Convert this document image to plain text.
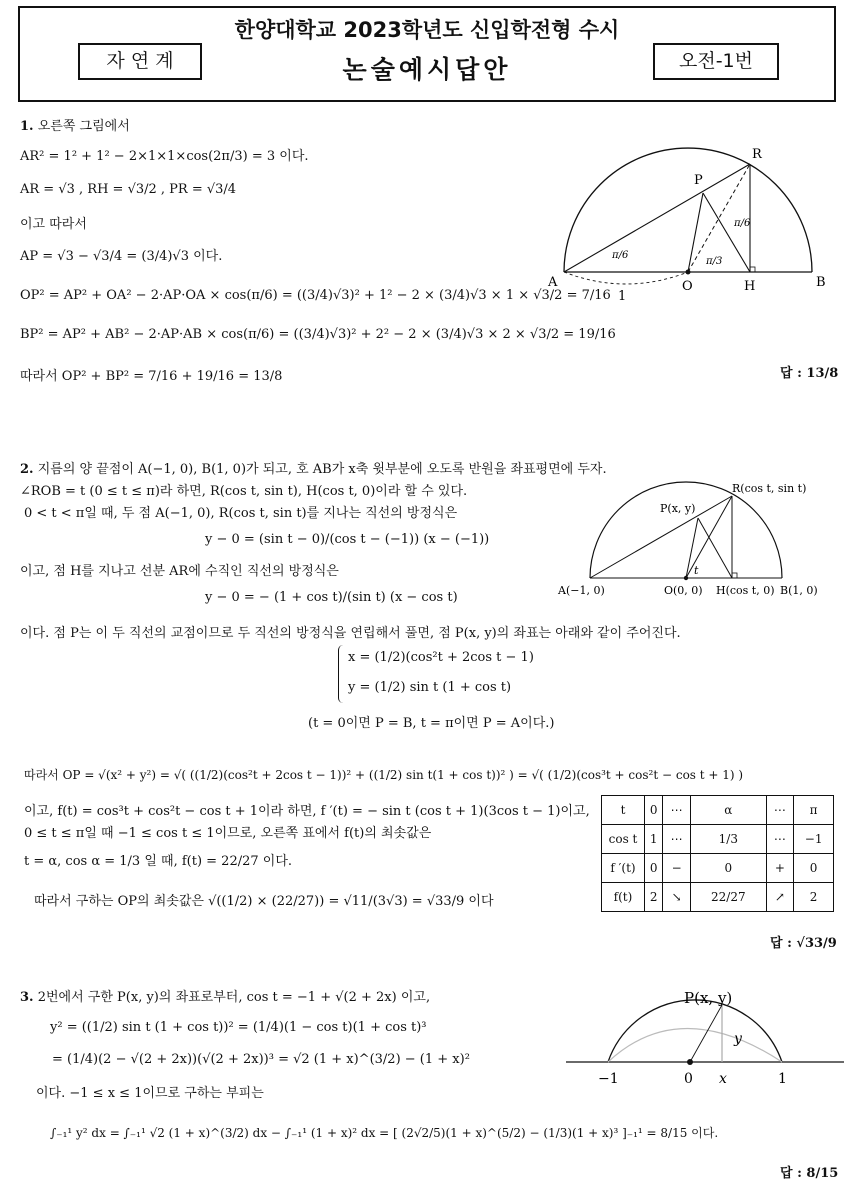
한양대학교 2023학년도 신입학전형 수시
자 연 계	논술예시답안	오전-1번
1. 오른쪽 그림에서
AR² = 1² + 1² − 2×1×1×cos(2π/3) = 3 이다.
AR = √3 , RH = √3/2 , PR = √3/4
이고 따라서
AP = √3 − √3/4 = (3/4)√3 이다.
OP² = AP² + OA² − 2·AP·OA × cos(π/6) = ((3/4)√3)² + 1² − 2 × (3/4)√3 × 1 × √3/2 = 7/16
BP² = AP² + AB² − 2·AP·AB × cos(π/6) = ((3/4)√3)² + 2² − 2 × (3/4)√3 × 2 × √3/2 = 19/16
따라서 OP² + BP² = 7/16 + 19/16 = 13/8	답 : 13/8
A	O	H	B
P
R
1
π/6
π/3
π/6
2. 지름의 양 끝점이 A(−1, 0), B(1, 0)가 되고, 호 AB가 x축 윗부분에 오도록 반원을 좌표평면에 두자.
∠ROB = t (0 ≤ t ≤ π)라 하면, R(cos t, sin t), H(cos t, 0)이라 할 수 있다.
0 < t < π일 때, 두 점 A(−1, 0), R(cos t, sin t)를 지나는 직선의 방정식은
y − 0 = (sin t − 0)/(cos t − (−1)) (x − (−1))
이고, 점 H를 지나고 선분 AR에 수직인 직선의 방정식은
y − 0 = − (1 + cos t)/(sin t) (x − cos t)
이다. 점 P는 이 두 직선의 교점이므로 두 직선의 방정식을 연립해서 풀면, 점 P(x, y)의 좌표는 아래와 같이 주어진다.
x = (1/2)(cos²t + 2cos t − 1)
y = (1/2) sin t (1 + cos t)
(t = 0이면 P = B, t = π이면 P = A이다.)
따라서 OP = √(x² + y²) = √( ((1/2)(cos²t + 2cos t − 1))² + ((1/2) sin t(1 + cos t))² ) = √( (1/2)(cos³t + cos²t − cos t + 1) )
이고, f(t) = cos³t + cos²t − cos t + 1이라 하면, f ′(t) = − sin t (cos t + 1)(3cos t − 1)이고,
0 ≤ t ≤ π일 때 −1 ≤ cos t ≤ 1이므로, 오른쪽 표에서 f(t)의 최솟값은
t = α, cos α = 1/3 일 때, f(t) = 22/27 이다.
따라서 구하는 OP의 최솟값은 √((1/2) × (22/27)) = √11/(3√3) = √33/9 이다
답 : √33/9
R(cos t, sin t)
P(x, y)
A(−1, 0)	O(0, 0) H(cos t, 0) B(1, 0)
t
t	0	⋯	α	⋯	π
cos t	1	⋯	1/3	⋯	−1
f ′(t)	0	−	0	+	0
f(t)	2	↘	22/27	↗	2
3. 2번에서 구한 P(x, y)의 좌표로부터, cos t = −1 + √(2 + 2x) 이고,
y² = ((1/2) sin t (1 + cos t))² = (1/4)(1 − cos t)(1 + cos t)³
= (1/4)(2 − √(2 + 2x))(√(2 + 2x))³ = √2 (1 + x)^(3/2) − (1 + x)²
이다. −1 ≤ x ≤ 1이므로 구하는 부피는
∫₋₁¹ y² dx = ∫₋₁¹ √2 (1 + x)^(3/2) dx − ∫₋₁¹ (1 + x)² dx = [ (2√2/5)(1 + x)^(5/2) − (1/3)(1 + x)³ ]₋₁¹ = 8/15 이다.
답 : 8/15
P(x, y)
y
−1	0 x	1
